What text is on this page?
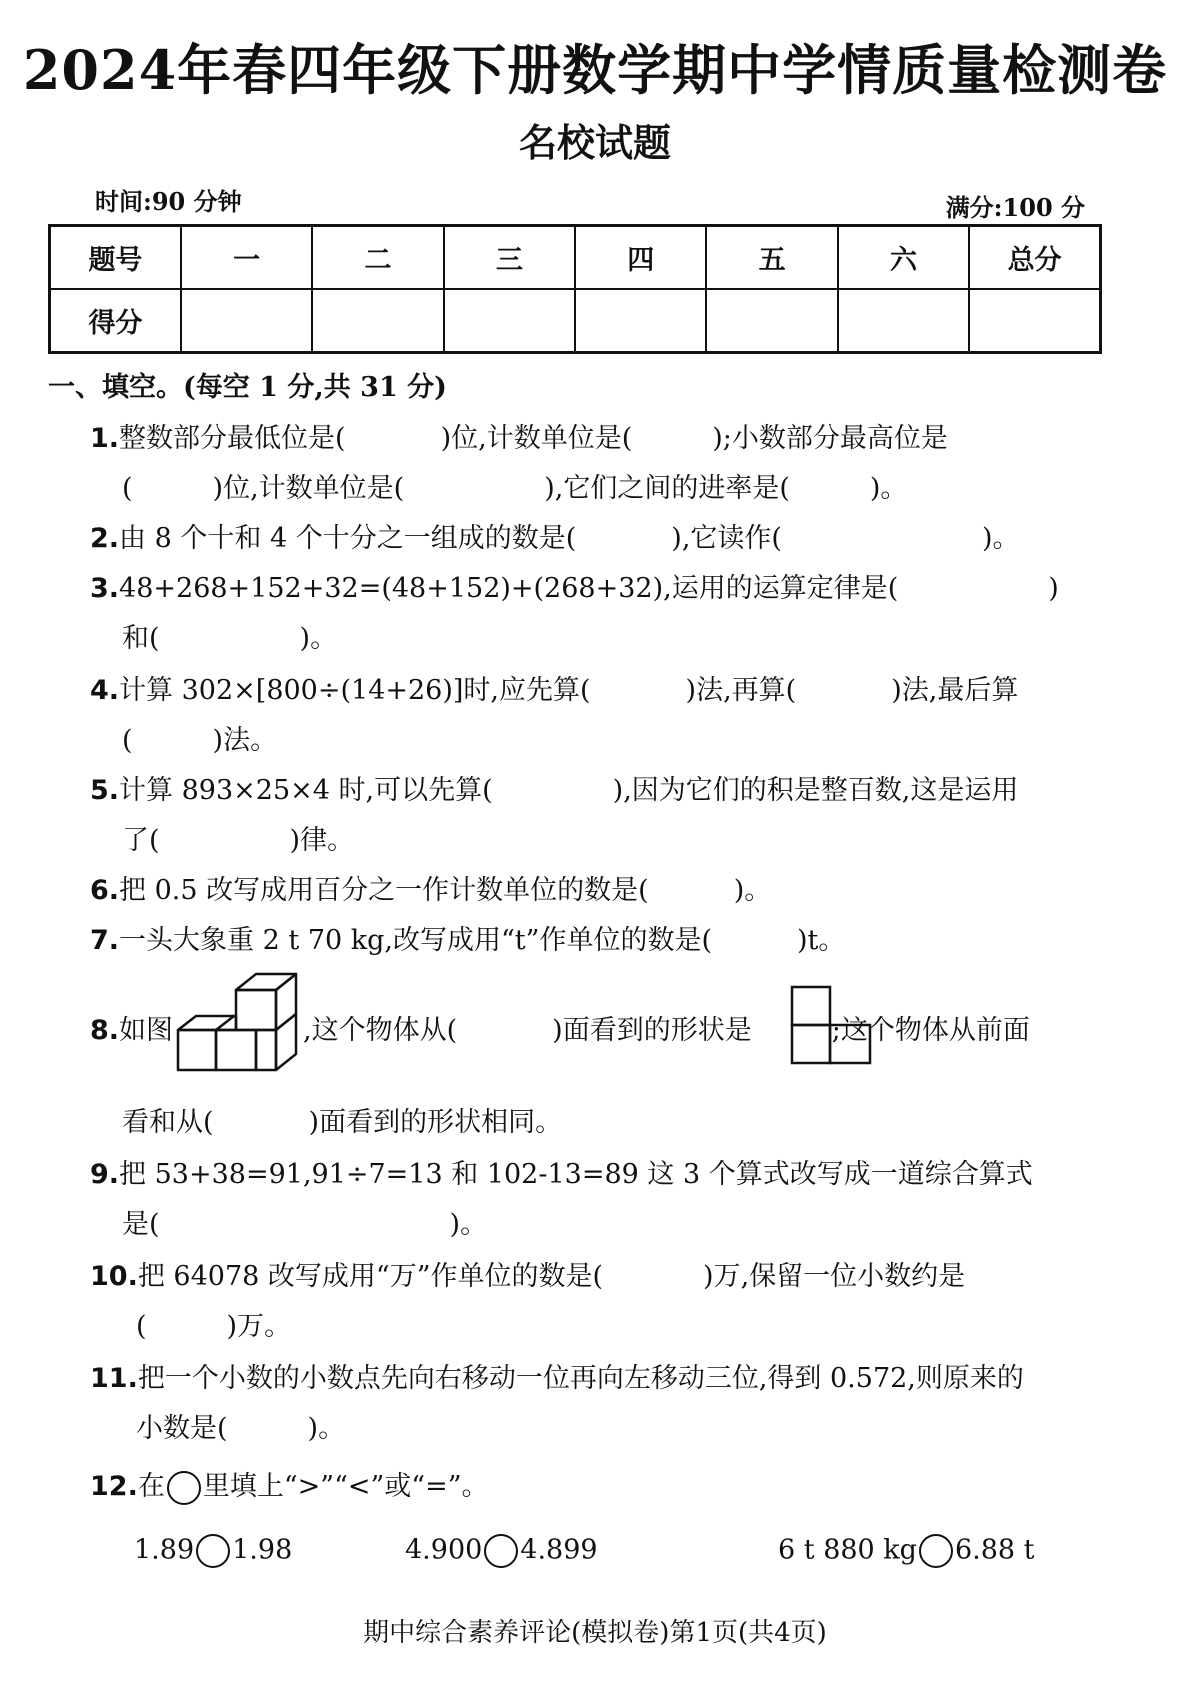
2024年春四年级下册数学期中学情质量检测卷
名校试题
时间:90 分钟	满分:100 分
题号	一	二	三	四	五	六	总分
得分							
一、填空。(每空 1 分,共 31 分)
1.整数部分最低位是(	)位,计数单位是(	);小数部分最高位是
(	)位,计数单位是(	),它们之间的进率是(	)。
2.由 8 个十和 4 个十分之一组成的数是(	),它读作(	)。
3.48+268+152+32=(48+152)+(268+32),运用的运算定律是(	)
和(	)。
4.计算 302×[800÷(14+26)]时,应先算(	)法,再算(	)法,最后算
(	)法。
5.计算 893×25×4 时,可以先算(	),因为它们的积是整百数,这是运用
了(	)律。
6.把 0.5 改写成用百分之一作计数单位的数是(	)。
7.一头大象重 2 t 70 kg,改写成用“t”作单位的数是(	)t。
8.如图	,这个物体从(	)面看到的形状是	;这个物体从前面
看和从(	)面看到的形状相同。
9.把 53+38=91,91÷7=13 和 102-13=89 这 3 个算式改写成一道综合算式
是(	)。
10.把 64078 改写成用“万”作单位的数是(	)万,保留一位小数约是
(	)万。
11.把一个小数的小数点先向右移动一位再向左移动三位,得到 0.572,则原来的
小数是(	)。
12.在 里填上“>”“<”或“=”。
1.89 1.98	4.900 4.899	6 t 880 kg 6.88 t
期中综合素养评论(模拟卷)第1页(共4页)
